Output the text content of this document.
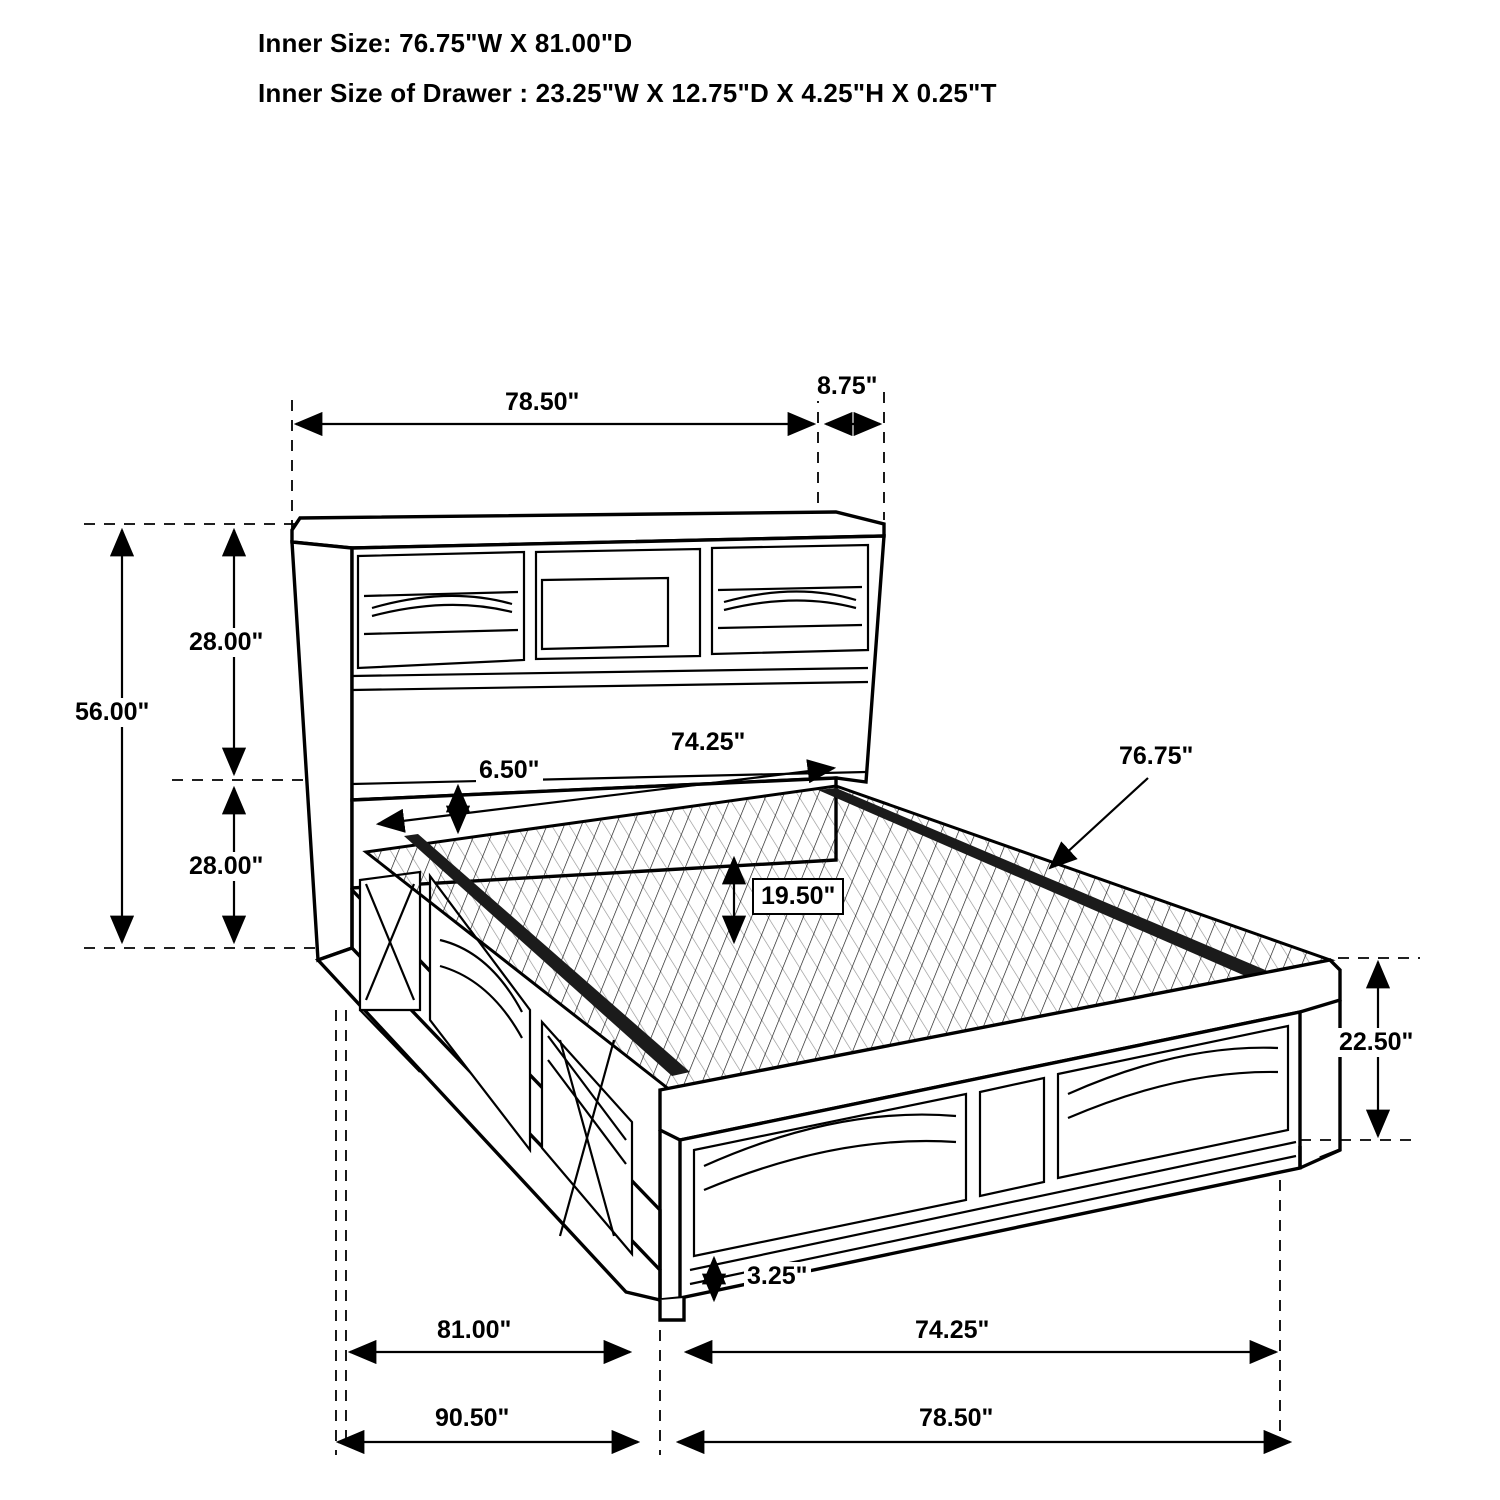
Inner Size: 76.75"W X 81.00"D
Inner Size of Drawer : 23.25"W X 12.75"D X 4.25"H X 0.25"T
78.50"
8.75"
28.00"
28.00"
56.00"
74.25"
6.50"	76.75"
19.50"
22.50"
3.25"
81.00"	74.25"
90.50"	78.50"
